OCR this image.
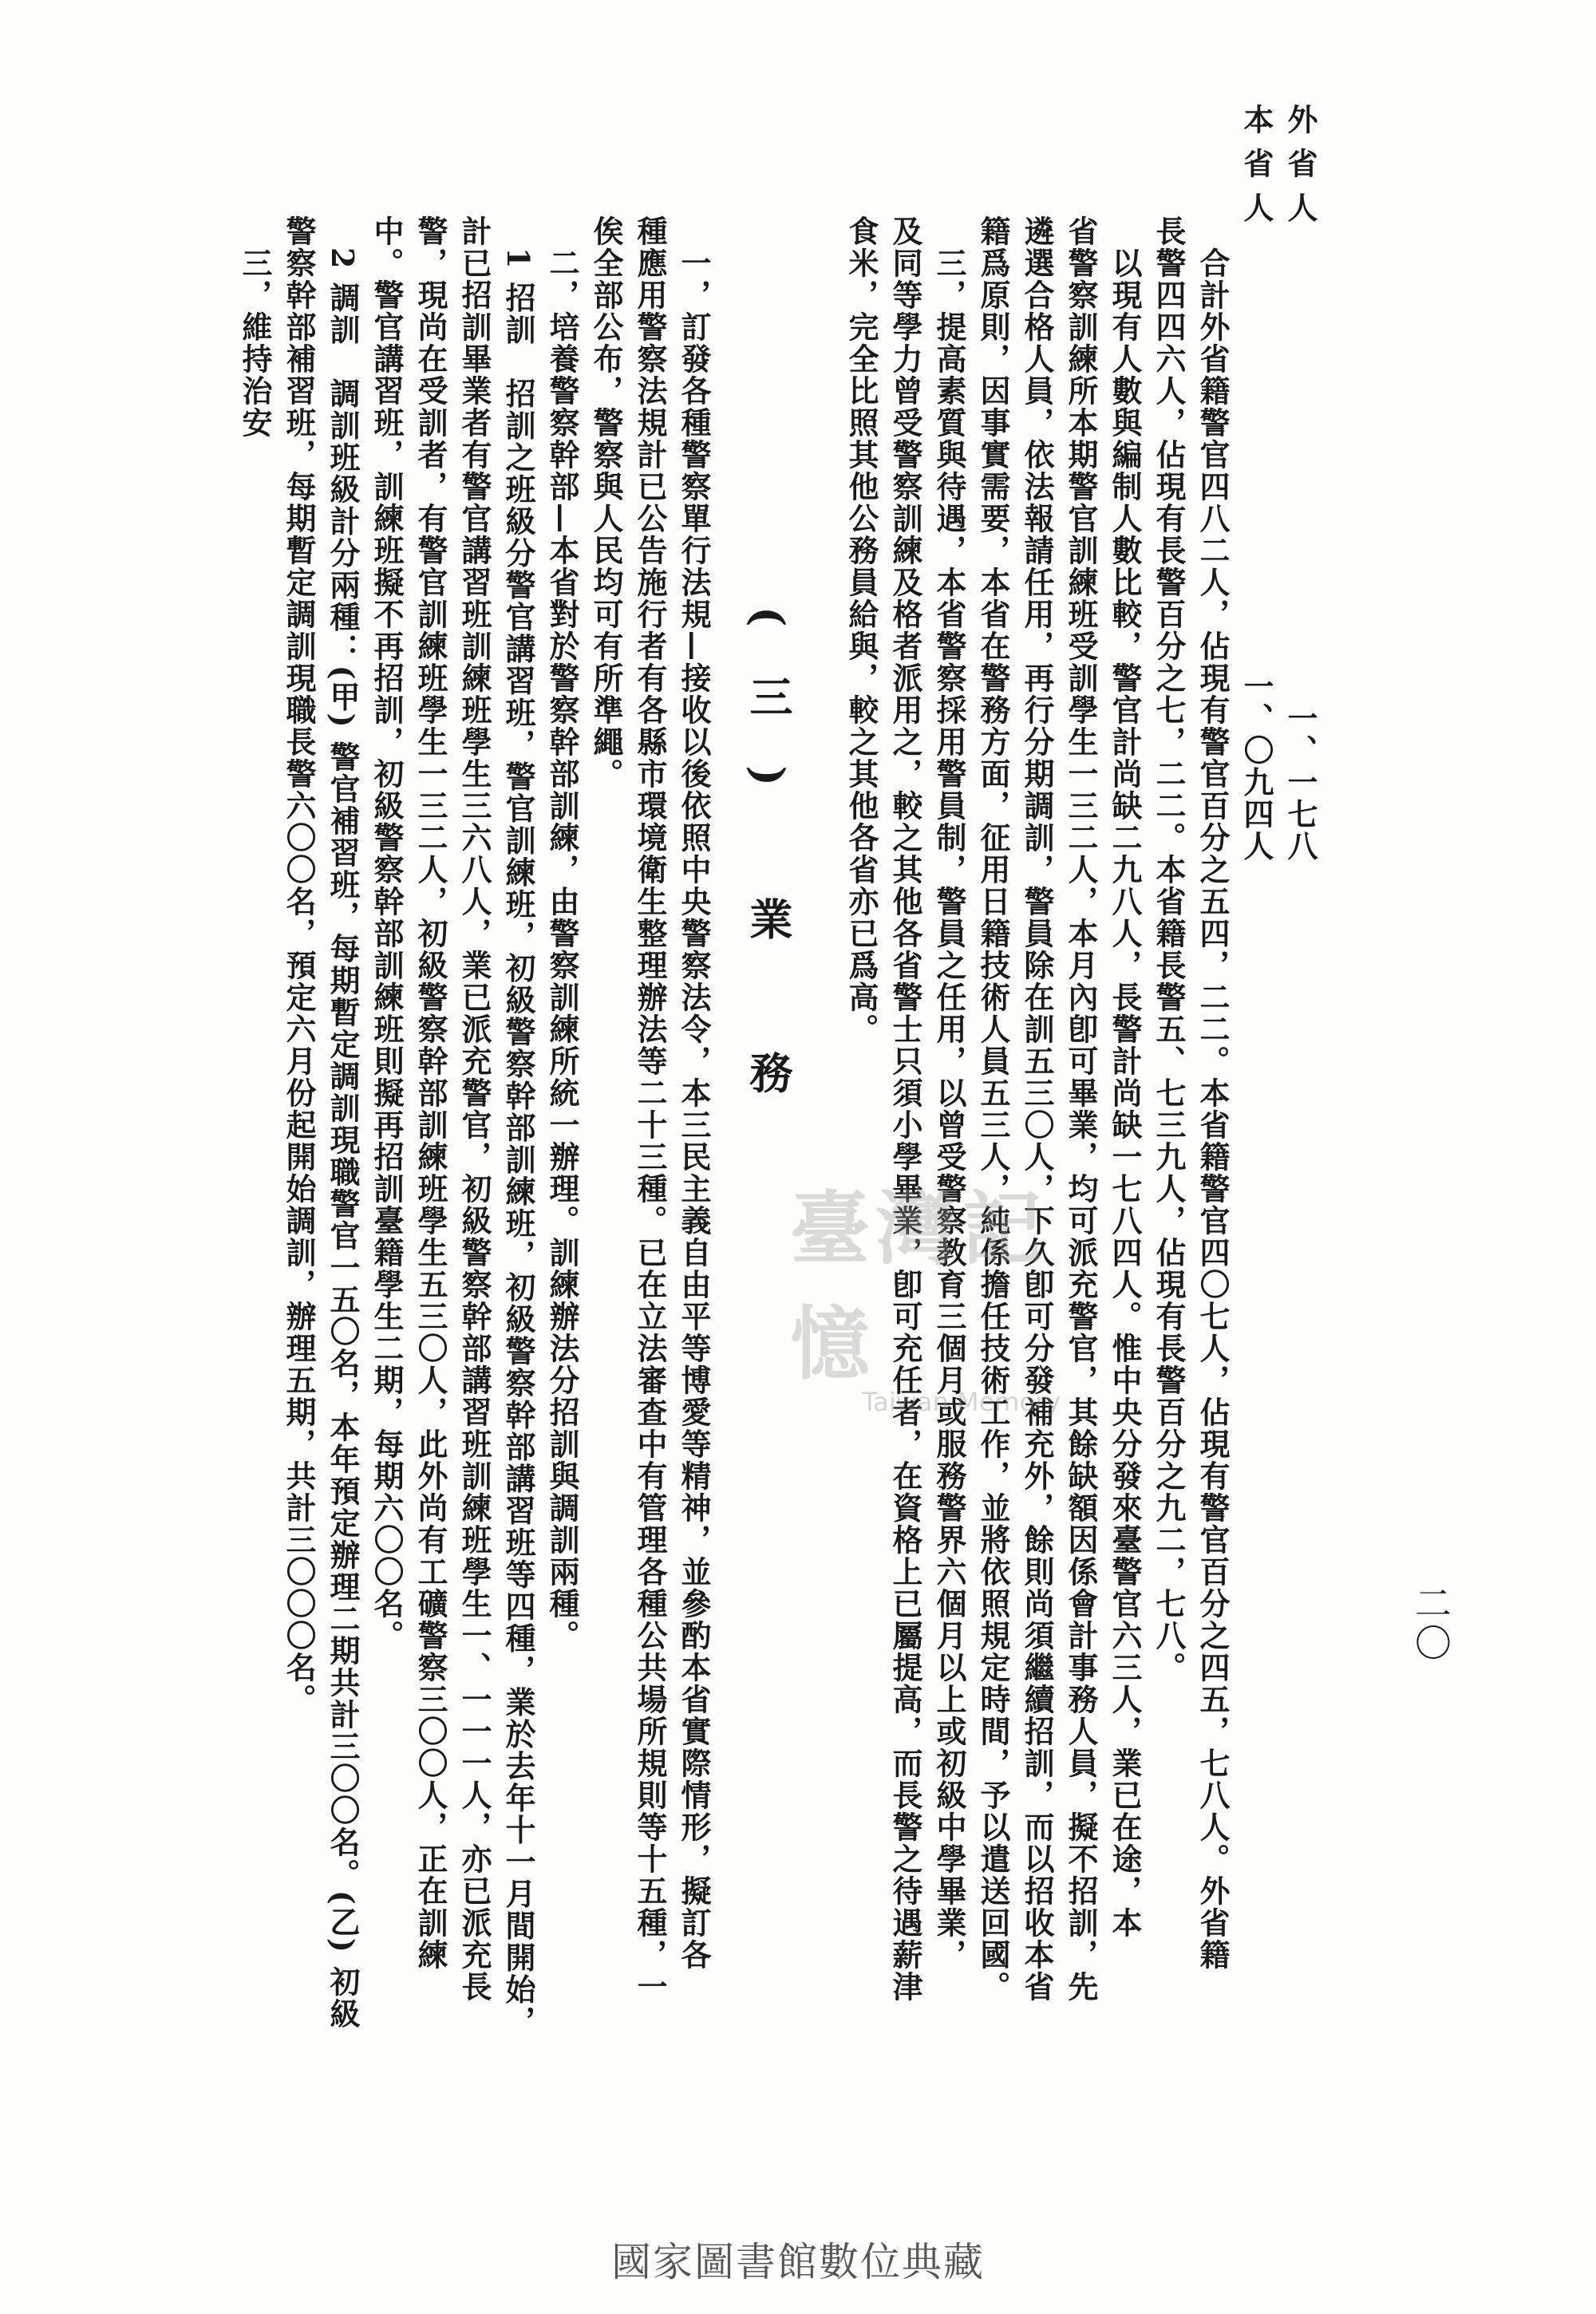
二〇
外 省 人　　　　　　　　　　　　　　　一、一七八
本 省 人　　　　　　　　　　　　　　一、〇九四人
　合計外省籍警官四八二人，佔現有警官百分之五四，二二。本省籍警官四〇七人，佔現有警官百分之四五，七八人。外省籍
長警四四六人，佔現有長警百分之七，二二。本省籍長警五、七三九人，佔現有長警百分之九二，七八。
　以現有人數與編制人數比較，警官計尚缺二九八人，長警計尚缺一七八四人。惟中央分發來臺警官六三人，業已在途，本
省警察訓練所本期警官訓練班受訓學生一三二人，本月內卽可畢業，均可派充警官，其餘缺額因係會計事務人員，擬不招訓，先
遴選合格人員，依法報請任用，再行分期調訓，警員除在訓五三〇人，下久卽可分發補充外，餘則尚須繼續招訓，而以招收本省
籍爲原則，因事實需要，本省在警務方面，征用日籍技術人員五三人，純係擔任技術工作，並將依照規定時間，予以遣送回國。
　三，提高素質與待遇，本省警察採用警員制，警員之任用，以曾受警察教育三個月或服務警界六個月以上或初級中學畢業，
及同等學力曾受警察訓練及格者派用之，較之其他各省警士只須小學畢業，卽可充任者，在資格上已屬提高，而長警之待遇薪津
食米，完全比照其他公務員給與，較之其他各省亦已爲高。
(三) 業 務
　一，訂發各種警察單行法規—接收以後依照中央警察法令，本三民主義自由平等博愛等精神，並參酌本省實際情形，擬訂各
種應用警察法規計已公告施行者有各縣市環境衛生整理辦法等二十三種。已在立法審查中有管理各種公共場所規則等十五種，一
俟全部公布，警察與人民均可有所準繩。
　二，培養警察幹部—本省對於警察幹部訓練，由警察訓練所統一辦理。訓練辦法分招訓與調訓兩種。
　1 招訓　招訓之班級分警官講習班，警官訓練班，初級警察幹部訓練班，初級警察幹部講習班等四種，業於去年十一月間開始，
計已招訓畢業者有警官講習班訓練班學生三六八人，業已派充警官，初級警察幹部講習班訓練班學生一、一一一人，亦已派充長
警，現尚在受訓者，有警官訓練班學生一三二人，初級警察幹部訓練班學生五三〇人，此外尚有工礦警察三〇〇人，正在訓練
中。警官講習班，訓練班擬不再招訓，初級警察幹部訓練班則擬再招訓臺籍學生二期，每期六〇〇名。
　2 調訓　調訓班級計分兩種：(甲) 警官補習班，每期暫定調訓現職警官一五〇名，本年預定辦理二期共計三〇〇名。(乙) 初級
警察幹部補習班，每期暫定調訓現職長警六〇〇名，預定六月份起開始調訓，辦理五期，共計三〇〇〇名。
　三，維持治安
臺灣記憶
Taiwan Memory
國家圖書館數位典藏
